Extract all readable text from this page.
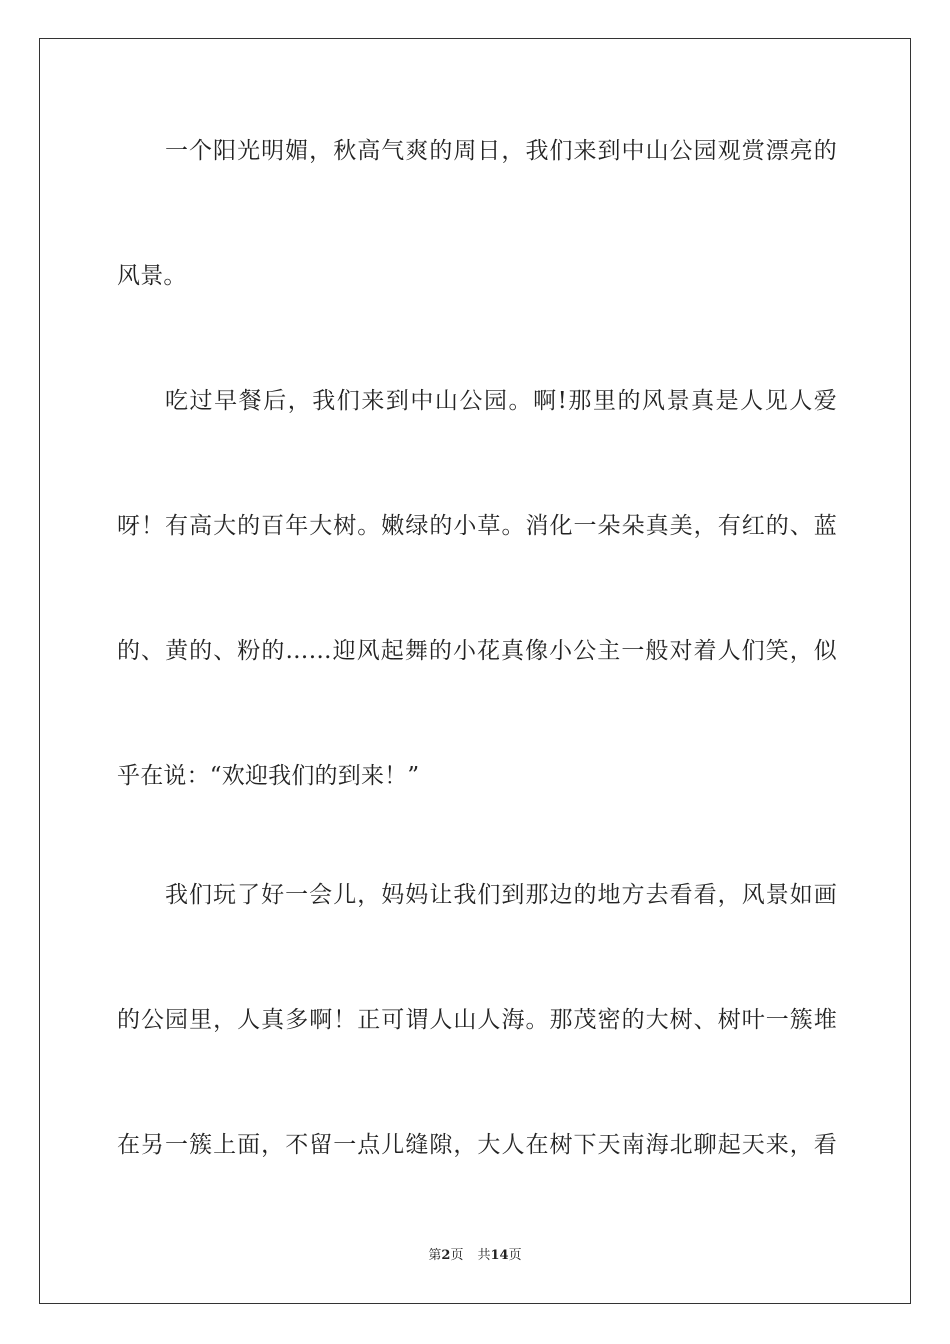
一个阳光明媚，秋高气爽的周日，我们来到中山公园观赏漂亮的
风景。
吃过早餐后，我们来到中山公园。啊!那里的风景真是人见人爱
呀！有高大的百年大树。嫩绿的小草。消化一朵朵真美，有红的、蓝
的、黄的、粉的……迎风起舞的小花真像小公主一般对着人们笑，似
乎在说：“欢迎我们的到来！”
我们玩了好一会儿，妈妈让我们到那边的地方去看看，风景如画
的公园里，人真多啊！正可谓人山人海。那茂密的大树、树叶一簇堆
在另一簇上面，不留一点儿缝隙，大人在树下天南海北聊起天来，看
第2页 共14页
